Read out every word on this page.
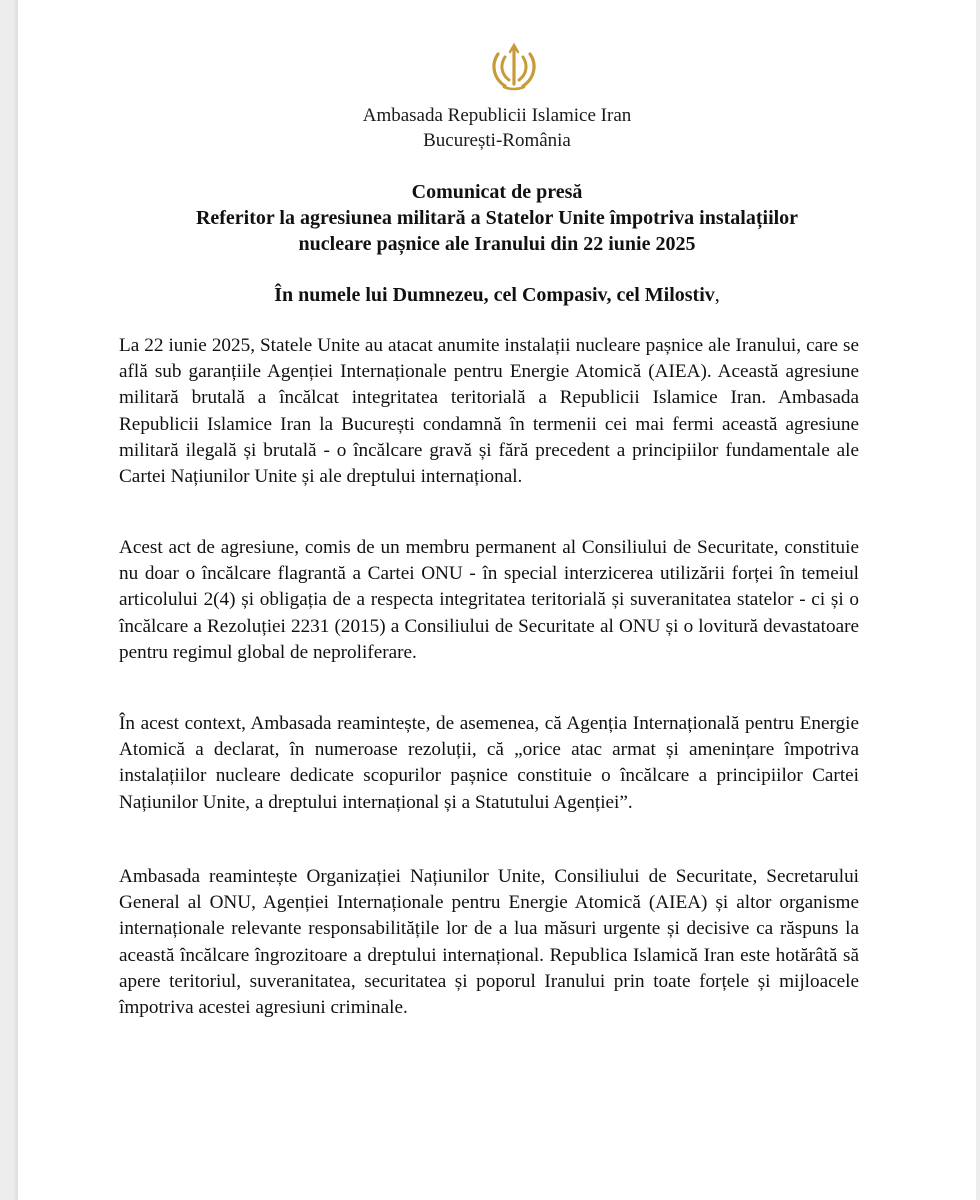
Ambasada Republicii Islamice Iran
București-România
Comunicat de presă
Referitor la agresiunea militară a Statelor Unite împotriva instalațiilor
nucleare pașnice ale Iranului din 22 iunie 2025
În numele lui Dumnezeu, cel Compasiv, cel Milostiv,

La 22 iunie 2025, Statele Unite au atacat anumite instalații nucleare pașnice ale Iranului, care se află sub garanțiile Agenției Internaționale pentru Energie Atomică (AIEA). Această agresiune militară brutală a încălcat integritatea teritorială a Republicii Islamice Iran. Ambasada Republicii Islamice Iran la București condamnă în termenii cei mai fermi această agresiune militară ilegală și brutală - o încălcare gravă și fără precedent a principiilor fundamentale ale Cartei Națiunilor Unite și ale dreptului internațional.

Acest act de agresiune, comis de un membru permanent al Consiliului de Securitate, constituie nu doar o încălcare flagrantă a Cartei ONU - în special interzicerea utilizării forței în temeiul articolului 2(4) și obligația de a respecta integritatea teritorială și suveranitatea statelor - ci și o încălcare a Rezoluției 2231 (2015) a Consiliului de Securitate al ONU și o lovitură devastatoare pentru regimul global de neproliferare.

În acest context, Ambasada reamintește, de asemenea, că Agenția Internațională pentru Energie Atomică a declarat, în numeroase rezoluții, că „orice atac armat și amenințare împotriva instalațiilor nucleare dedicate scopurilor pașnice constituie o încălcare a principiilor Cartei Națiunilor Unite, a dreptului internațional și a Statutului Agenției”.

Ambasada reamintește Organizației Națiunilor Unite, Consiliului de Securitate, Secretarului General al ONU, Agenției Internaționale pentru Energie Atomică (AIEA) și altor organisme internaționale relevante responsabilitățile lor de a lua măsuri urgente și decisive ca răspuns la această încălcare îngrozitoare a dreptului internațional. Republica Islamică Iran este hotărâtă să apere teritoriul, suveranitatea, securitatea și poporul Iranului prin toate forțele și mijloacele împotriva acestei agresiuni criminale.
